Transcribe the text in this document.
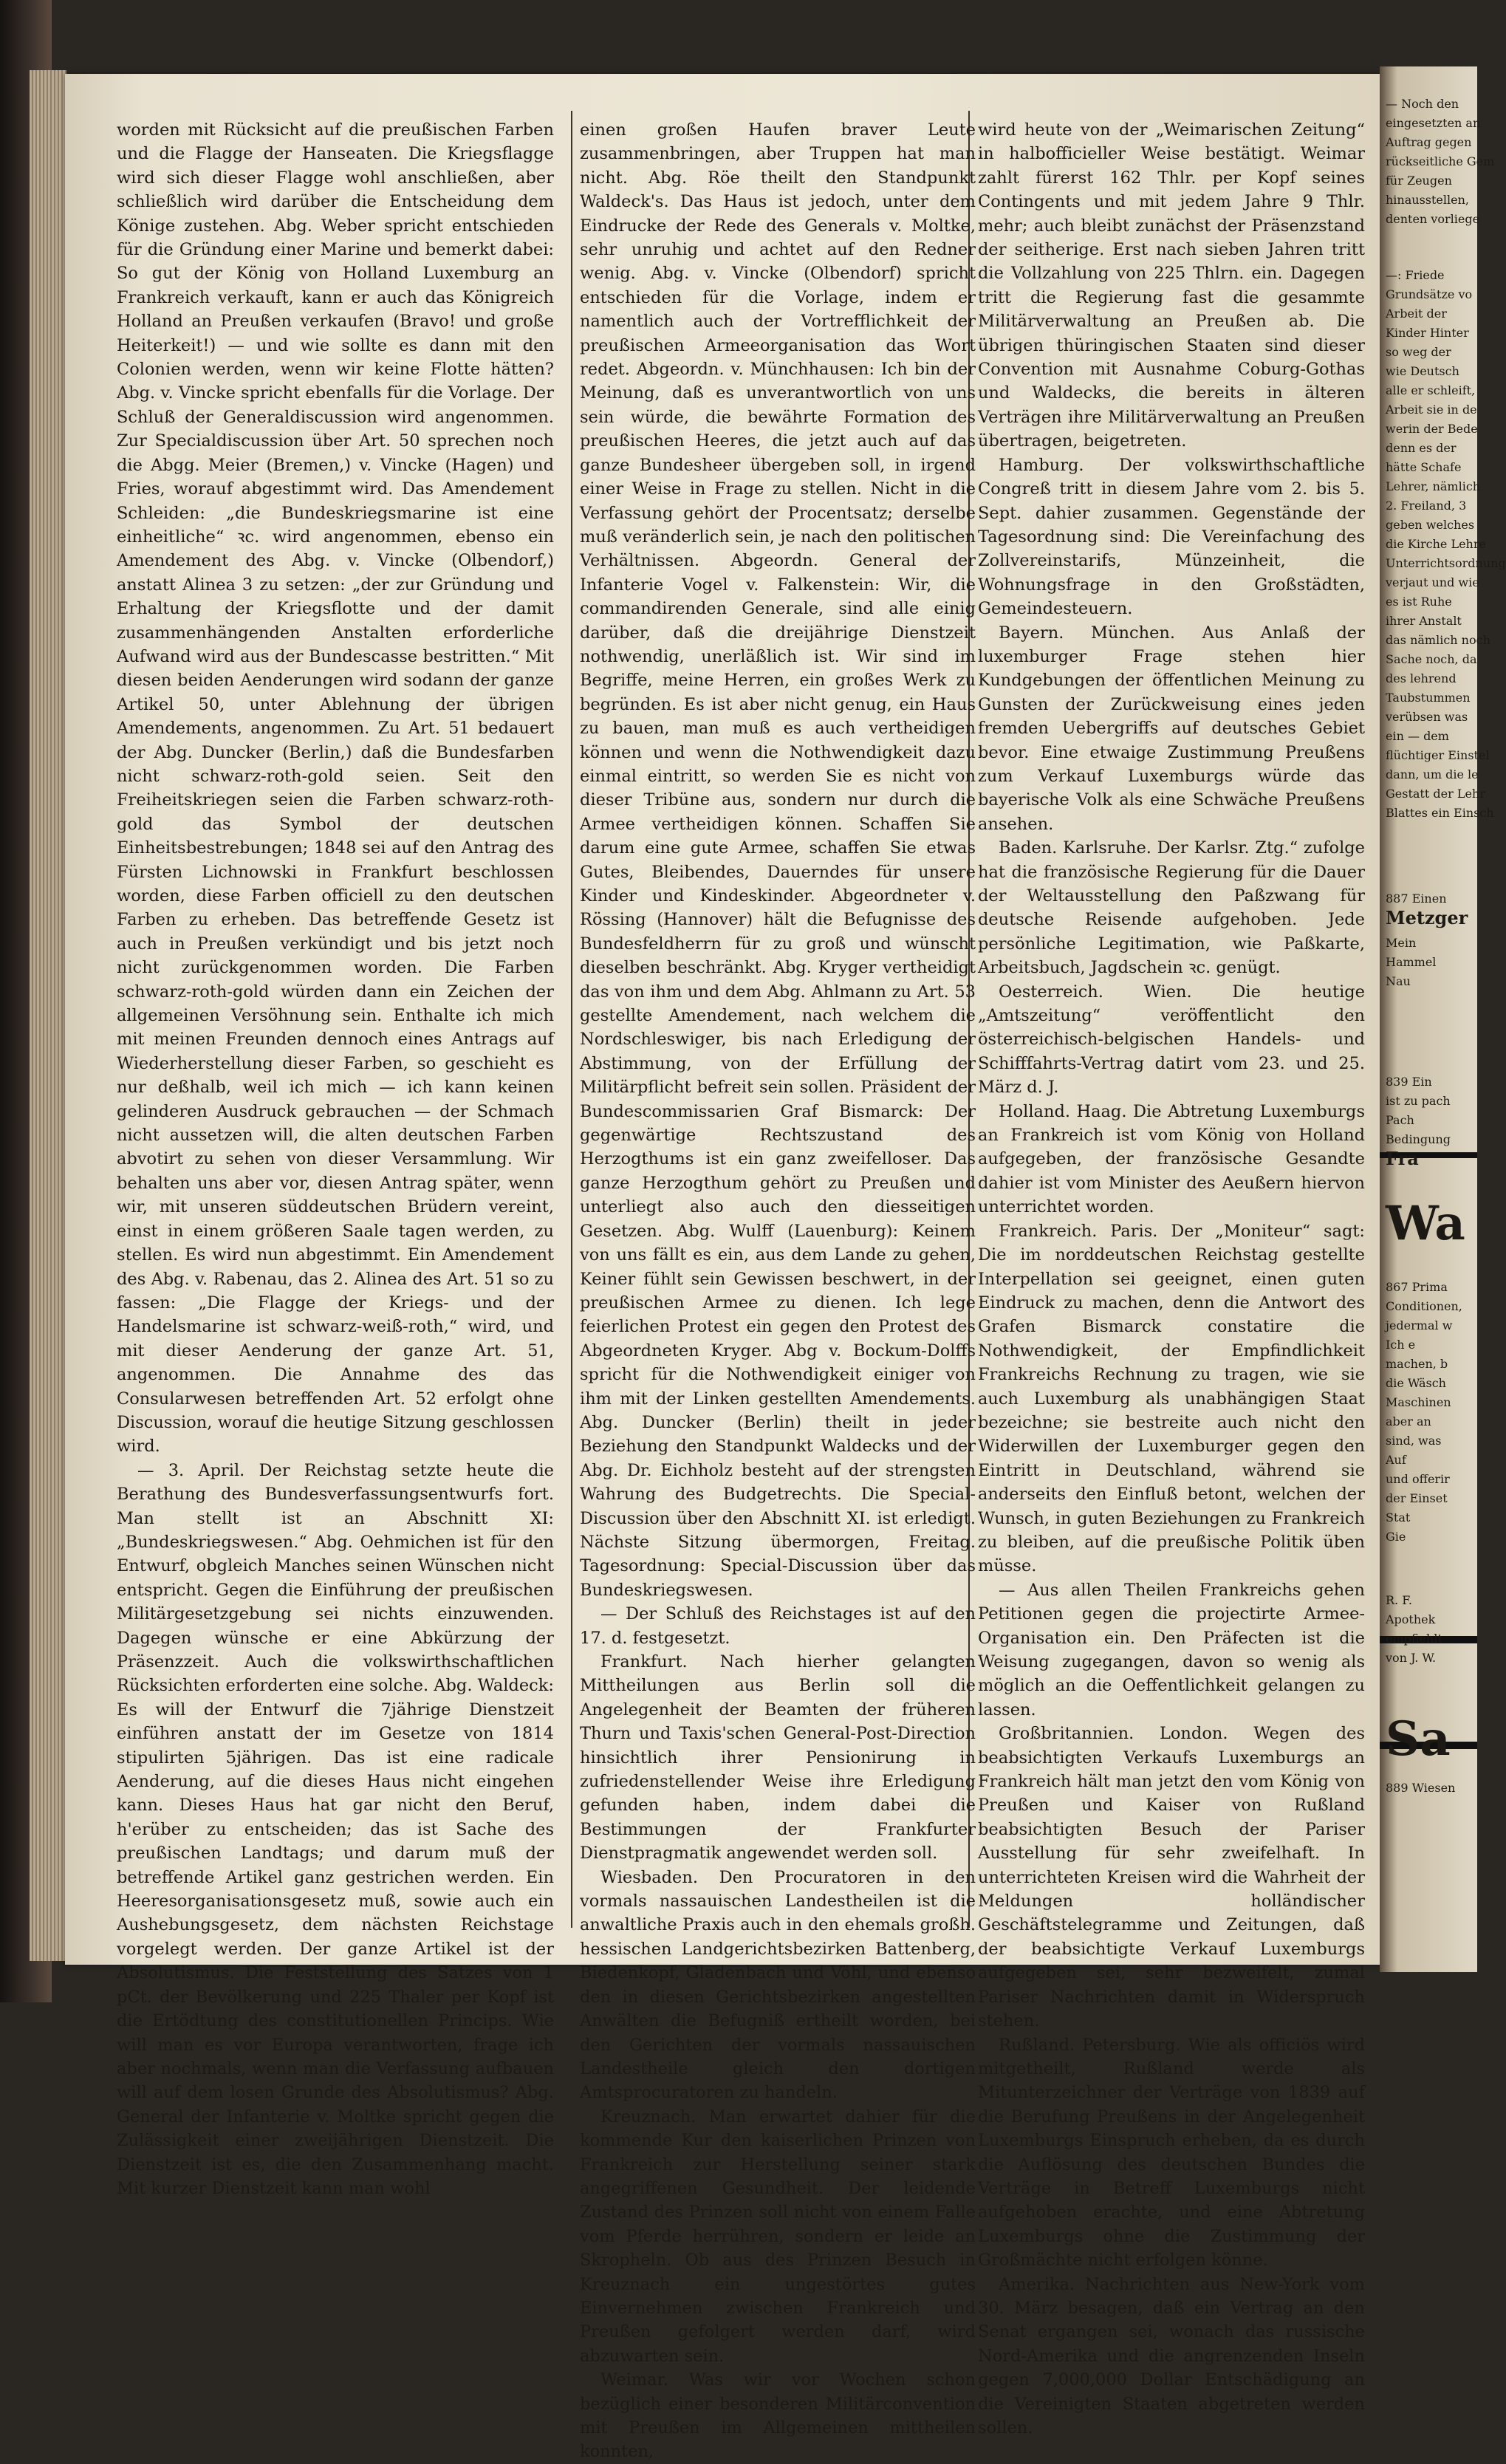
worden mit Rücksicht auf die preußischen Farben und die Flagge der Hanseaten. Die Kriegsflagge wird sich dieser Flagge wohl anschließen, aber schließlich wird darüber die Entscheidung dem Könige zustehen. Abg. Weber spricht entschieden für die Gründung einer Marine und bemerkt dabei: So gut der König von Holland Luxemburg an Frankreich verkauft, kann er auch das Königreich Holland an Preußen verkaufen (Bravo! und große Heiterkeit!) — und wie sollte es dann mit den Colonien werden, wenn wir keine Flotte hätten? Abg. v. Vincke spricht ebenfalls für die Vorlage. Der Schluß der Generaldiscussion wird angenommen. Zur Specialdiscussion über Art. 50 sprechen noch die Abgg. Meier (Bremen,) v. Vincke (Hagen) und Fries, worauf abgestimmt wird. Das Amendement Schleiden: „die Bundeskriegsmarine ist eine einheitliche“ ꝛc. wird angenommen, ebenso ein Amendement des Abg. v. Vincke (Olbendorf,) anstatt Alinea 3 zu setzen: „der zur Gründung und Erhaltung der Kriegsflotte und der damit zusammenhängenden Anstalten erforderliche Aufwand wird aus der Bundescasse bestritten.“ Mit diesen beiden Aenderungen wird sodann der ganze Artikel 50, unter Ablehnung der übrigen Amendements, angenommen. Zu Art. 51 bedauert der Abg. Duncker (Berlin,) daß die Bundesfarben nicht schwarz-roth-gold seien. Seit den Freiheitskriegen seien die Farben schwarz-roth-gold das Symbol der deutschen Einheitsbestrebungen; 1848 sei auf den Antrag des Fürsten Lichnowski in Frankfurt beschlossen worden, diese Farben officiell zu den deutschen Farben zu erheben. Das betreffende Gesetz ist auch in Preußen verkündigt und bis jetzt noch nicht zurückgenommen worden. Die Farben schwarz-roth-gold würden dann ein Zeichen der allgemeinen Versöhnung sein. Enthalte ich mich mit meinen Freunden dennoch eines Antrags auf Wiederherstellung dieser Farben, so geschieht es nur deßhalb, weil ich mich — ich kann keinen gelinderen Ausdruck gebrauchen — der Schmach nicht aussetzen will, die alten deutschen Farben abvotirt zu sehen von dieser Versammlung. Wir behalten uns aber vor, diesen Antrag später, wenn wir, mit unseren süddeutschen Brüdern vereint, einst in einem größeren Saale tagen werden, zu stellen. Es wird nun abgestimmt. Ein Amendement des Abg. v. Rabenau, das 2. Alinea des Art. 51 so zu fassen: „Die Flagge der Kriegs- und der Handelsmarine ist schwarz-weiß-roth,“ wird, und mit dieser Aenderung der ganze Art. 51, angenommen. Die Annahme des das Consularwesen betreffenden Art. 52 erfolgt ohne Discussion, worauf die heutige Sitzung geschlossen wird.

— 3. April. Der Reichstag setzte heute die Berathung des Bundesverfassungsentwurfs fort. Man stellt ist an Abschnitt XI: „Bundeskriegswesen.“ Abg. Oehmichen ist für den Entwurf, obgleich Manches seinen Wünschen nicht entspricht. Gegen die Einführung der preußischen Militärgesetzgebung sei nichts einzuwenden. Dagegen wünsche er eine Abkürzung der Präsenzzeit. Auch die volkswirthschaftlichen Rücksichten erforderten eine solche. Abg. Waldeck: Es will der Entwurf die 7jährige Dienstzeit einführen anstatt der im Gesetze von 1814 stipulirten 5jährigen. Das ist eine radicale Aenderung, auf die dieses Haus nicht eingehen kann. Dieses Haus hat gar nicht den Beruf, h'erüber zu entscheiden; das ist Sache des preußischen Landtags; und darum muß der betreffende Artikel ganz gestrichen werden. Ein Heeresorganisationsgesetz muß, sowie auch ein Aushebungsgesetz, dem nächsten Reichstage vorgelegt werden. Der ganze Artikel ist der Absolutismus. Die Feststellung des Satzes von 1 pCt. der Bevölkerung und 225 Thaler per Kopf ist die Ertödtung des constitutionellen Princips. Wie will man es vor Europa verantworten, frage ich aber nochmals, wenn man die Verfassung aufbauen will auf dem losen Grunde des Absolutismus? Abg. General der Infanterie v. Moltke spricht gegen die Zulässigkeit einer zweijährigen Dienstzeit. Die Dienstzeit ist es, die den Zusammenhang macht. Mit kurzer Dienstzeit kann man wohl

einen großen Haufen braver Leute zusammenbringen, aber Truppen hat man nicht. Abg. Röe theilt den Standpunkt Waldeck's. Das Haus ist jedoch, unter dem Eindrucke der Rede des Generals v. Moltke, sehr unruhig und achtet auf den Redner wenig. Abg. v. Vincke (Olbendorf) spricht entschieden für die Vorlage, indem er namentlich auch der Vortrefflichkeit der preußischen Armeeorganisation das Wort redet. Abgeordn. v. Münchhausen: Ich bin der Meinung, daß es unverantwortlich von uns sein würde, die bewährte Formation des preußischen Heeres, die jetzt auch auf das ganze Bundesheer übergeben soll, in irgend einer Weise in Frage zu stellen. Nicht in die Verfassung gehört der Procentsatz; derselbe muß veränderlich sein, je nach den politischen Verhältnissen. Abgeordn. General der Infanterie Vogel v. Falkenstein: Wir, die commandirenden Generale, sind alle einig darüber, daß die dreijährige Dienstzeit nothwendig, unerläßlich ist. Wir sind im Begriffe, meine Herren, ein großes Werk zu begründen. Es ist aber nicht genug, ein Haus zu bauen, man muß es auch vertheidigen können und wenn die Nothwendigkeit dazu einmal eintritt, so werden Sie es nicht von dieser Tribüne aus, sondern nur durch die Armee vertheidigen können. Schaffen Sie darum eine gute Armee, schaffen Sie etwas Gutes, Bleibendes, Dauerndes für unsere Kinder und Kindeskinder. Abgeordneter v. Rössing (Hannover) hält die Befugnisse des Bundesfeldherrn für zu groß und wünscht dieselben beschränkt. Abg. Kryger vertheidigt das von ihm und dem Abg. Ahlmann zu Art. 53 gestellte Amendement, nach welchem die Nordschleswiger, bis nach Erledigung der Abstimmung, von der Erfüllung der Militärpflicht befreit sein sollen. Präsident der Bundescommissarien Graf Bismarck: Der gegenwärtige Rechtszustand des Herzogthums ist ein ganz zweifelloser. Das ganze Herzogthum gehört zu Preußen und unterliegt also auch den diesseitigen Gesetzen. Abg. Wulff (Lauenburg): Keinem von uns fällt es ein, aus dem Lande zu gehen, Keiner fühlt sein Gewissen beschwert, in der preußischen Armee zu dienen. Ich lege feierlichen Protest ein gegen den Protest des Abgeordneten Kryger. Abg v. Bockum-Dolffs spricht für die Nothwendigkeit einiger von ihm mit der Linken gestellten Amendements. Abg. Duncker (Berlin) theilt in jeder Beziehung den Standpunkt Waldecks und der Abg. Dr. Eichholz besteht auf der strengsten Wahrung des Budgetrechts. Die Special-Discussion über den Abschnitt XI. ist erledigt. Nächste Sitzung übermorgen, Freitag. Tagesordnung: Special-Discussion über das Bundeskriegswesen.

— Der Schluß des Reichstages ist auf den 17. d. festgesetzt.

Frankfurt. Nach hierher gelangten Mittheilungen aus Berlin soll die Angelegenheit der Beamten der früheren Thurn und Taxis'schen General-Post-Direction hinsichtlich ihrer Pensionirung in zufriedenstellender Weise ihre Erledigung gefunden haben, indem dabei die Bestimmungen der Frankfurter Dienstpragmatik angewendet werden soll.

Wiesbaden. Den Procuratoren in den vormals nassauischen Landestheilen ist die anwaltliche Praxis auch in den ehemals großh. hessischen Landgerichtsbezirken Battenberg, Biedenkopf, Gladenbach und Vöhl, und ebenso den in diesen Gerichtsbezirken angestellten Anwälten die Befugniß ertheilt worden, bei den Gerichten der vormals nassauischen Landestheile gleich den dortigen Amtsprocuratoren zu handeln.

Kreuznach. Man erwartet dahier für die kommende Kur den kaiserlichen Prinzen von Frankreich zur Herstellung seiner stark angegriffenen Gesundheit. Der leidende Zustand des Prinzen soll nicht von einem Falle vom Pferde herrühren, sondern er leide an Skropheln. Ob aus des Prinzen Besuch in Kreuznach ein ungestörtes gutes Einvernehmen zwischen Frankreich und Preußen gefolgert werden darf, wird abzuwarten sein.

Weimar. Was wir vor Wochen schon bezüglich einer besonderen Militärconvention mit Preußen im Allgemeinen mittheilen konnten,

wird heute von der „Weimarischen Zeitung“ in halbofficieller Weise bestätigt. Weimar zahlt fürerst 162 Thlr. per Kopf seines Contingents und mit jedem Jahre 9 Thlr. mehr; auch bleibt zunächst der Präsenzstand der seitherige. Erst nach sieben Jahren tritt die Vollzahlung von 225 Thlrn. ein. Dagegen tritt die Regierung fast die gesammte Militärverwaltung an Preußen ab. Die übrigen thüringischen Staaten sind dieser Convention mit Ausnahme Coburg-Gothas und Waldecks, die bereits in älteren Verträgen ihre Militärverwaltung an Preußen übertragen, beigetreten.

Hamburg. Der volkswirthschaftliche Congreß tritt in diesem Jahre vom 2. bis 5. Sept. dahier zusammen. Gegenstände der Tagesordnung sind: Die Vereinfachung des Zollvereinstarifs, Münzeinheit, die Wohnungsfrage in den Großstädten, Gemeindesteuern.

Bayern. München. Aus Anlaß der luxemburger Frage stehen hier Kundgebungen der öffentlichen Meinung zu Gunsten der Zurückweisung eines jeden fremden Uebergriffs auf deutsches Gebiet bevor. Eine etwaige Zustimmung Preußens zum Verkauf Luxemburgs würde das bayerische Volk als eine Schwäche Preußens ansehen.

Baden. Karlsruhe. Der Karlsr. Ztg.“ zufolge hat die französische Regierung für die Dauer der Weltausstellung den Paßzwang für deutsche Reisende aufgehoben. Jede persönliche Legitimation, wie Paßkarte, Arbeitsbuch, Jagdschein ꝛc. genügt.

Oesterreich. Wien. Die heutige „Amtszeitung“ veröffentlicht den österreichisch-belgischen Handels- und Schifffahrts-Vertrag datirt vom 23. und 25. März d. J.

Holland. Haag. Die Abtretung Luxemburgs an Frankreich ist vom König von Holland aufgegeben, der französische Gesandte dahier ist vom Minister des Aeußern hiervon unterrichtet worden.

Frankreich. Paris. Der „Moniteur“ sagt: Die im norddeutschen Reichstag gestellte Interpellation sei geeignet, einen guten Eindruck zu machen, denn die Antwort des Grafen Bismarck constatire die Nothwendigkeit, der Empfindlichkeit Frankreichs Rechnung zu tragen, wie sie auch Luxemburg als unabhängigen Staat bezeichne; sie bestreite auch nicht den Widerwillen der Luxemburger gegen den Eintritt in Deutschland, während sie anderseits den Einfluß betont, welchen der Wunsch, in guten Beziehungen zu Frankreich zu bleiben, auf die preußische Politik üben müsse.

— Aus allen Theilen Frankreichs gehen Petitionen gegen die projectirte Armee-Organisation ein. Den Präfecten ist die Weisung zugegangen, davon so wenig als möglich an die Oeffentlichkeit gelangen zu lassen.

Großbritannien. London. Wegen des beabsichtigten Verkaufs Luxemburgs an Frankreich hält man jetzt den vom König von Preußen und Kaiser von Rußland beabsichtigten Besuch der Pariser Ausstellung für sehr zweifelhaft. In unterrichteten Kreisen wird die Wahrheit der Meldungen holländischer Geschäftstelegramme und Zeitungen, daß der beabsichtigte Verkauf Luxemburgs aufgegeben sei, sehr bezweifelt, zumal Pariser Nachrichten damit in Widerspruch stehen.

Rußland. Petersburg. Wie als officiös wird mitgetheilt, Rußland werde als Mitunterzeichner der Verträge von 1839 auf die Berufung Preußens in der Angelegenheit Luxemburgs Einspruch erheben, da es durch die Auflösung des deutschen Bundes die Verträge in Betreff Luxemburgs nicht aufgehoben erachte, und eine Abtretung Luxemburgs ohne die Zustimmung der Großmächte nicht erfolgen könne.

Amerika. Nachrichten aus New-York vom 30. März besagen, daß ein Vertrag an den Senat ergangen sei, wonach das russische Nord-Amerika und die angrenzenden Inseln gegen 7,000,000 Dollar Entschädigung an die Vereinigten Staaten abgetreten werden sollen.

— Noch den
eingesetzten an
Auftrag gegen
rückseitliche Gem
für Zeugen
hinausstellen,
denten vorliege
—: Friede
Grundsätze vo
Arbeit der
Kinder Hinter
so weg der
wie Deutsch
alle er schleift,
Arbeit sie in de
werin der Bede
denn es der
hätte Schafe
Lehrer, nämlich
2. Freiland, 3
geben welches
die Kirche Lehre
Unterrichtsordnung
verjaut und wie
es ist Ruhe
ihrer Anstalt
das nämlich noch
Sache noch, da
des lehrend
Taubstummen
verübsen was
ein — dem
flüchtiger Einstel
dann, um die le
Gestatt der Lehr
Blattes ein Einsch
887 Einen
Metzger
Mein
Hammel
Nau
839 Ein
ist zu pach
Pach
Bedingung
Fra
Wa
867 Prima
Conditionen,
jedermal w
Ich e
machen, b
die Wäsch
Maschinen
aber an
sind, was
Auf
und offerir
der Einset
Stat
Gie
R. F.
Apothek
empfiehlt
von J. W.
Sa
889 Wiesen
